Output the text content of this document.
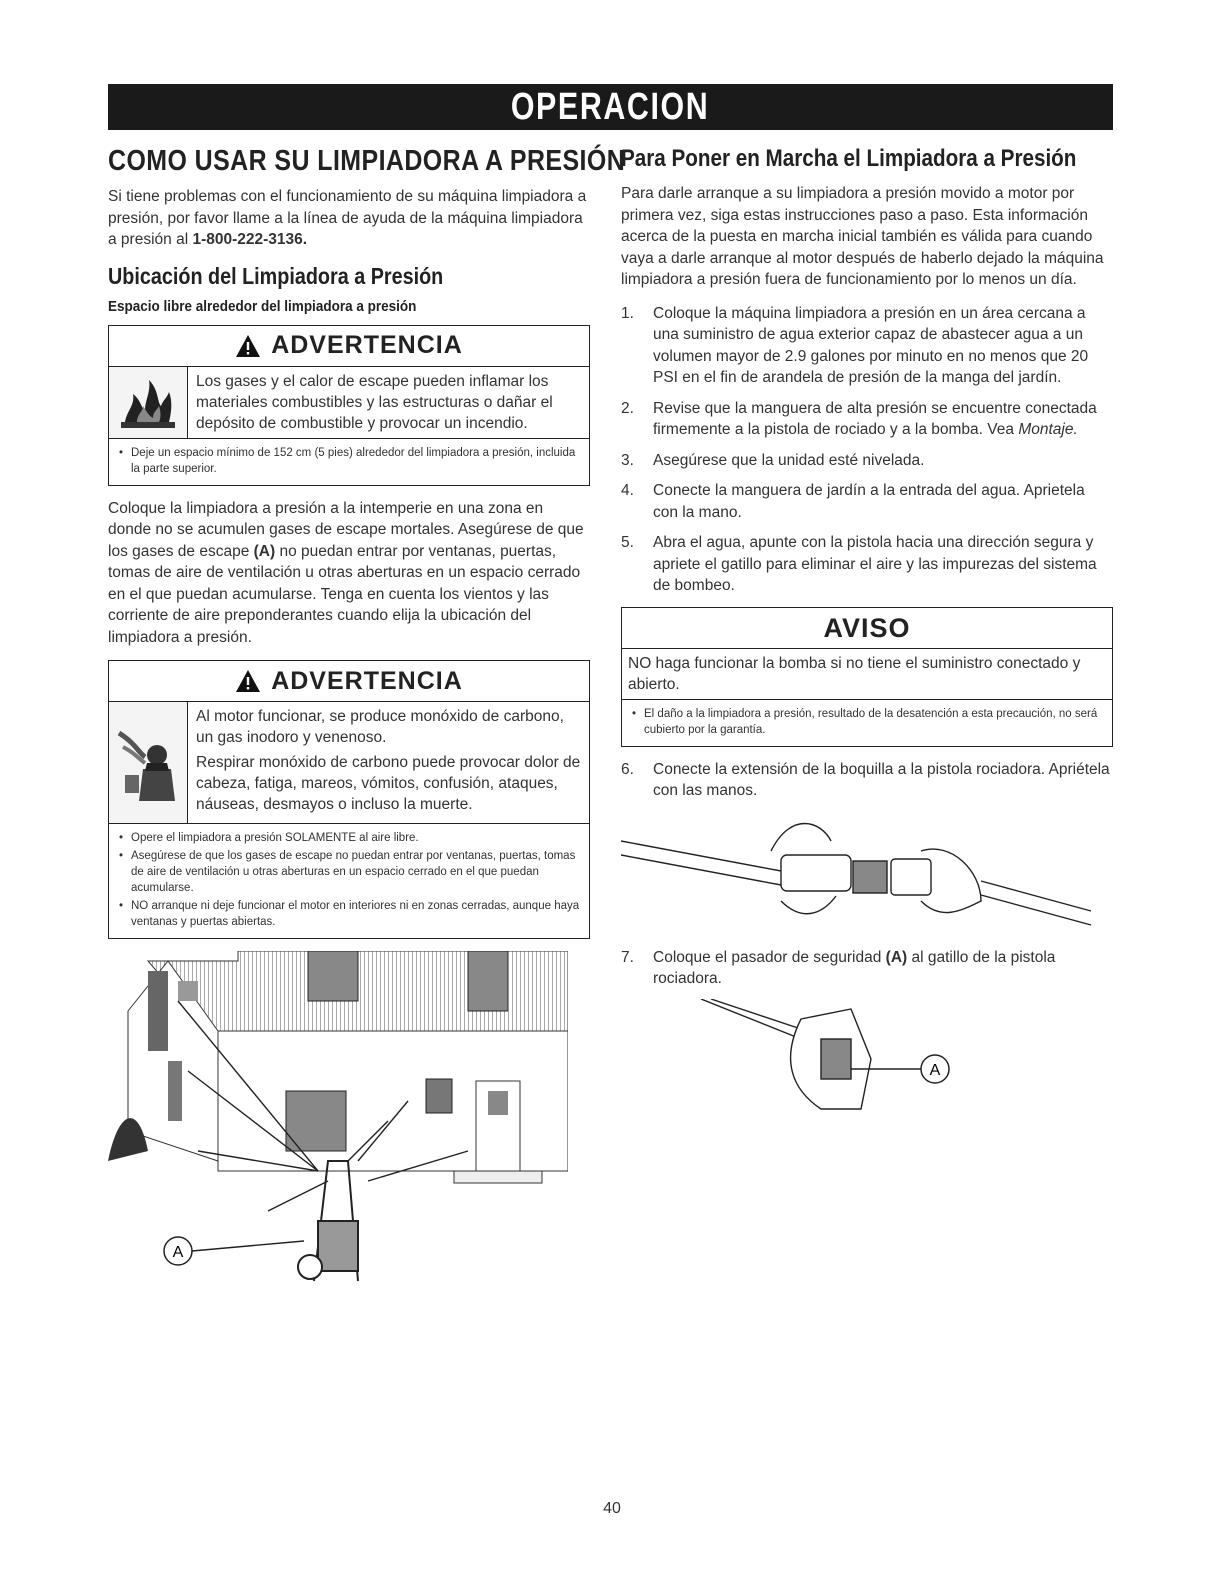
OPERACION
COMO USAR SU LIMPIADORA A PRESIÓN

Si tiene problemas con el funcionamiento de su máquina limpiadora a presión, por favor llame a la línea de ayuda de la máquina limpiadora a presión al 1-800-222-3136.

Ubicación del Limpiadora a Presión
Espacio libre alrededor del limpiadora a presión
ADVERTENCIA
Los gases y el calor de escape pueden inflamar los materiales combustibles y las estructuras o dañar el depósito de combustible y provocar un incendio.
• Deje un espacio mínimo de 152 cm (5 pies) alrededor del limpiadora a presión, incluida la parte superior.

Coloque la limpiadora a presión a la intemperie en una zona en donde no se acumulen gases de escape mortales. Asegúrese de que los gases de escape (A) no puedan entrar por ventanas, puertas, tomas de aire de ventilación u otras aberturas en un espacio cerrado en el que puedan acumularse. Tenga en cuenta los vientos y las corriente de aire preponderantes cuando elija la ubicación del limpiadora a presión.

ADVERTENCIA
Al motor funcionar, se produce monóxido de carbono, un gas inodoro y venenoso.
Respirar monóxido de carbono puede provocar dolor de cabeza, fatiga, mareos, vómitos, confusión, ataques, náuseas, desmayos o incluso la muerte.
• Opere el limpiadora a presión SOLAMENTE al aire libre.
• Asegúrese de que los gases de escape no puedan entrar por ventanas, puertas, tomas de aire de ventilación u otras aberturas en un espacio cerrado en el que puedan acumularse.
• NO arranque ni deje funcionar el motor en interiores ni en zonas cerradas, aunque haya ventanas y puertas abiertas.
A
Para Poner en Marcha el Limpiadora a Presión

Para darle arranque a su limpiadora a presión movido a motor por primera vez, siga estas instrucciones paso a paso. Esta información acerca de la puesta en marcha inicial también es válida para cuando vaya a darle arranque al motor después de haberlo dejado la máquina limpiadora a presión fuera de funcionamiento por lo menos un día.

1. Coloque la máquina limpiadora a presión en un área cercana a una suministro de agua exterior capaz de abastecer agua a un volumen mayor de 2.9 galones por minuto en no menos que 20 PSI en el fin de arandela de presión de la manga del jardín.
2. Revise que la manguera de alta presión se encuentre conectada firmemente a la pistola de rociado y a la bomba. Vea Montaje.
3. Asegúrese que la unidad esté nivelada.
4. Conecte la manguera de jardín a la entrada del agua. Aprietela con la mano.
5. Abra el agua, apunte con la pistola hacia una dirección segura y apriete el gatillo para eliminar el aire y las impurezas del sistema de bombeo.
AVISO
NO haga funcionar la bomba si no tiene el suministro conectado y abierto.
• El daño a la limpiadora a presión, resultado de la desatención a esta precaución, no será cubierto por la garantía.
6. Conecte la extensión de la boquilla a la pistola rociadora. Apriétela con las manos.
7. Coloque el pasador de seguridad (A) al gatillo de la pistola rociadora.
A
40
